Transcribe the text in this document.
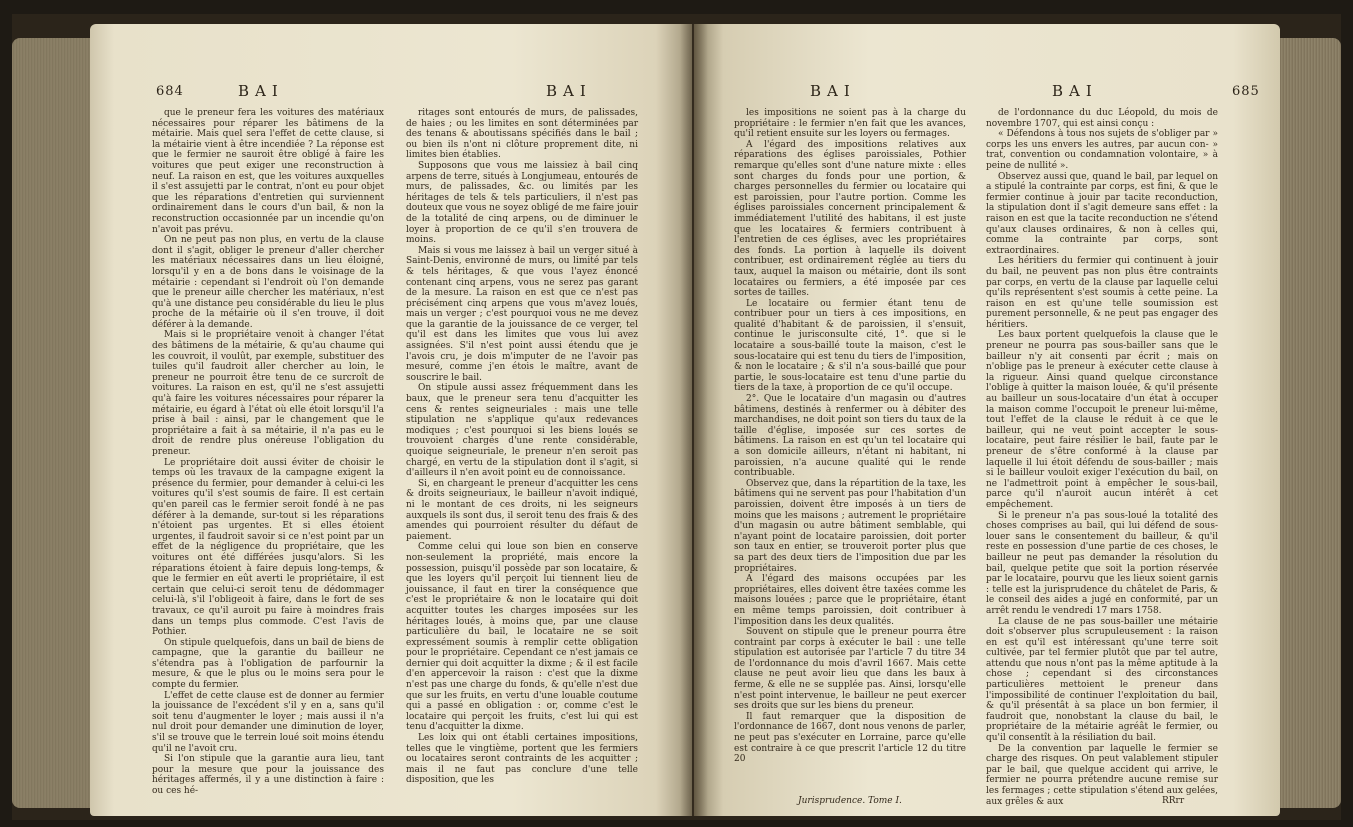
684	BAI	BAI

que le preneur fera les voitures des matériaux nécessaires pour réparer les bâtimens de la métairie. Mais quel sera l'effet de cette clause, si la métairie vient à être incendiée ? La réponse est que le fermier ne sauroit être obligé à faire les voitures que peut exiger une reconstruction à neuf. La raison en est, que les voitures auxquelles il s'est assujetti par le contrat, n'ont eu pour objet que les réparations d'entretien qui surviennent ordinairement dans le cours d'un bail, & non la reconstruction occasionnée par un incendie qu'on n'avoit pas prévu.

On ne peut pas non plus, en vertu de la clause dont il s'agit, obliger le preneur d'aller chercher les matériaux nécessaires dans un lieu éloigné, lorsqu'il y en a de bons dans le voisinage de la métairie : cependant si l'endroit où l'on demande que le preneur aille chercher les matériaux, n'est qu'à une distance peu considérable du lieu le plus proche de la métairie où il s'en trouve, il doit déférer à la demande.

Mais si le propriétaire venoit à changer l'état des bâtimens de la métairie, & qu'au chaume qui les couvroit, il voulût, par exemple, substituer des tuiles qu'il faudroit aller chercher au loin, le preneur ne pourroit être tenu de ce surcroît de voitures. La raison en est, qu'il ne s'est assujetti qu'à faire les voitures nécessaires pour réparer la métairie, eu égard à l'état où elle étoit lorsqu'il l'a prise à bail : ainsi, par le changement que le propriétaire a fait à sa métairie, il n'a pas eu le droit de rendre plus onéreuse l'obligation du preneur.

Le propriétaire doit aussi éviter de choisir le temps où les travaux de la campagne exigent la présence du fermier, pour demander à celui-ci les voitures qu'il s'est soumis de faire. Il est certain qu'en pareil cas le fermier seroit fondé à ne pas déférer à la demande, sur-tout si les réparations n'étoient pas urgentes. Et si elles étoient urgentes, il faudroit savoir si ce n'est point par un effet de la négligence du propriétaire, que les voitures ont été différées jusqu'alors. Si les réparations étoient à faire depuis long-temps, & que le fermier en eût averti le propriétaire, il est certain que celui-ci seroit tenu de dédommager celui-là, s'il l'obligeoit à faire, dans le fort de ses travaux, ce qu'il auroit pu faire à moindres frais dans un temps plus commode. C'est l'avis de Pothier.

On stipule quelquefois, dans un bail de biens de campagne, que la garantie du bailleur ne s'étendra pas à l'obligation de parfournir la mesure, & que le plus ou le moins sera pour le compte du fermier.

L'effet de cette clause est de donner au fermier la jouissance de l'excédent s'il y en a, sans qu'il soit tenu d'augmenter le loyer ; mais aussi il n'a nul droit pour demander une diminution de loyer, s'il se trouve que le terrein loué soit moins étendu qu'il ne l'avoit cru.

Si l'on stipule que la garantie aura lieu, tant pour la mesure que pour la jouissance des héritages affermés, il y a une distinction à faire : ou ces hé-

ritages sont entourés de murs, de palissades, de haies ; ou les limites en sont déterminées par des tenans & aboutissans spécifiés dans le bail ; ou bien ils n'ont ni clôture proprement dite, ni limites bien établies.

Supposons que vous me laissiez à bail cinq arpens de terre, situés à Longjumeau, entourés de murs, de palissades, &c. ou limités par les héritages de tels & tels particuliers, il n'est pas douteux que vous ne soyez obligé de me faire jouir de la totalité de cinq arpens, ou de diminuer le loyer à proportion de ce qu'il s'en trouvera de moins.

Mais si vous me laissez à bail un verger situé à Saint-Denis, environné de murs, ou limité par tels & tels héritages, & que vous l'ayez énoncé contenant cinq arpens, vous ne serez pas garant de la mesure. La raison en est que ce n'est pas précisément cinq arpens que vous m'avez loués, mais un verger ; c'est pourquoi vous ne me devez que la garantie de la jouissance de ce verger, tel qu'il est dans les limites que vous lui avez assignées. S'il n'est point aussi étendu que je l'avois cru, je dois m'imputer de ne l'avoir pas mesuré, comme j'en étois le maître, avant de souscrire le bail.

On stipule aussi assez fréquemment dans les baux, que le preneur sera tenu d'acquitter les cens & rentes seigneuriales : mais une telle stipulation ne s'applique qu'aux redevances modiques ; c'est pourquoi si les biens loués se trouvoient chargés d'une rente considérable, quoique seigneuriale, le preneur n'en seroit pas chargé, en vertu de la stipulation dont il s'agit, si d'ailleurs il n'en avoit point eu de connoissance.

Si, en chargeant le preneur d'acquitter les cens & droits seigneuriaux, le bailleur n'avoit indiqué, ni le montant de ces droits, ni les seigneurs auxquels ils sont dus, il seroit tenu des frais & des amendes qui pourroient résulter du défaut de paiement.

Comme celui qui loue son bien en conserve non-seulement la propriété, mais encore la possession, puisqu'il possède par son locataire, & que les loyers qu'il perçoit lui tiennent lieu de jouissance, il faut en tirer la conséquence que c'est le propriétaire & non le locataire qui doit acquitter toutes les charges imposées sur les héritages loués, à moins que, par une clause particulière du bail, le locataire ne se soit expressément soumis à remplir cette obligation pour le propriétaire. Cependant ce n'est jamais ce dernier qui doit acquitter la dixme ; & il est facile d'en appercevoir la raison : c'est que la dixme n'est pas une charge du fonds, & qu'elle n'est due que sur les fruits, en vertu d'une louable coutume qui a passé en obligation : or, comme c'est le locataire qui perçoit les fruits, c'est lui qui est tenu d'acquitter la dixme.

Les loix qui ont établi certaines impositions, telles que le vingtième, portent que les fermiers ou locataires seront contraints de les acquitter ; mais il ne faut pas conclure d'une telle disposition, que les

BAI	BAI	685

les impositions ne soient pas à la charge du propriétaire : le fermier n'en fait que les avances, qu'il retient ensuite sur les loyers ou fermages.

A l'égard des impositions relatives aux réparations des églises paroissiales, Pothier remarque qu'elles sont d'une nature mixte : elles sont charges du fonds pour une portion, & charges personnelles du fermier ou locataire qui est paroissien, pour l'autre portion. Comme les églises paroissiales concernent principalement & immédiatement l'utilité des habitans, il est juste que les locataires & fermiers contribuent à l'entretien de ces églises, avec les propriétaires des fonds. La portion à laquelle ils doivent contribuer, est ordinairement réglée au tiers du taux, auquel la maison ou métairie, dont ils sont locataires ou fermiers, a été imposée par ces sortes de tailles.

Le locataire ou fermier étant tenu de contribuer pour un tiers à ces impositions, en qualité d'habitant & de paroissien, il s'ensuit, continue le jurisconsulte cité, 1°. que si le locataire a sous-baillé toute la maison, c'est le sous-locataire qui est tenu du tiers de l'imposition, & non le locataire ; & s'il n'a sous-baillé que pour partie, le sous-locataire est tenu d'une partie du tiers de la taxe, à proportion de ce qu'il occupe.

2°. Que le locataire d'un magasin ou d'autres bâtimens, destinés à renfermer ou à débiter des marchandises, ne doit point son tiers du taux de la taille d'église, imposée sur ces sortes de bâtimens. La raison en est qu'un tel locataire qui a son domicile ailleurs, n'étant ni habitant, ni paroissien, n'a aucune qualité qui le rende contribuable.

Observez que, dans la répartition de la taxe, les bâtimens qui ne servent pas pour l'habitation d'un paroissien, doivent être imposés à un tiers de moins que les maisons ; autrement le propriétaire d'un magasin ou autre bâtiment semblable, qui n'ayant point de locataire paroissien, doit porter son taux en entier, se trouveroit porter plus que sa part des deux tiers de l'imposition due par les propriétaires.

A l'égard des maisons occupées par les propriétaires, elles doivent être taxées comme les maisons louées ; parce que le propriétaire, étant en même temps paroissien, doit contribuer à l'imposition dans les deux qualités.

Souvent on stipule que le preneur pourra être contraint par corps à exécuter le bail : une telle stipulation est autorisée par l'article 7 du titre 34 de l'ordonnance du mois d'avril 1667. Mais cette clause ne peut avoir lieu que dans les baux à ferme, & elle ne se supplée pas. Ainsi, lorsqu'elle n'est point intervenue, le bailleur ne peut exercer ses droits que sur les biens du preneur.

Il faut remarquer que la disposition de l'ordonnance de 1667, dont nous venons de parler, ne peut pas s'exécuter en Lorraine, parce qu'elle est contraire à ce que prescrit l'article 12 du titre 20

de l'ordonnance du duc Léopold, du mois de novembre 1707, qui est ainsi conçu :

« Défendons à tous nos sujets de s'obliger par » corps les uns envers les autres, par aucun con- » trat, convention ou condamnation volontaire, » à peine de nullité ».

Observez aussi que, quand le bail, par lequel on a stipulé la contrainte par corps, est fini, & que le fermier continue à jouir par tacite reconduction, la stipulation dont il s'agit demeure sans effet : la raison en est que la tacite reconduction ne s'étend qu'aux clauses ordinaires, & non à celles qui, comme la contrainte par corps, sont extraordinaires.

Les héritiers du fermier qui continuent à jouir du bail, ne peuvent pas non plus être contraints par corps, en vertu de la clause par laquelle celui qu'ils représentent s'est soumis à cette peine. La raison en est qu'une telle soumission est purement personnelle, & ne peut pas engager des héritiers.

Les baux portent quelquefois la clause que le preneur ne pourra pas sous-bailler sans que le bailleur n'y ait consenti par écrit ; mais on n'oblige pas le preneur à exécuter cette clause à la rigueur. Ainsi quand quelque circonstance l'oblige à quitter la maison louée, & qu'il présente au bailleur un sous-locataire d'un état à occuper la maison comme l'occupoit le preneur lui-même, tout l'effet de la clause le réduit à ce que le bailleur, qui ne veut point accepter le sous-locataire, peut faire résilier le bail, faute par le preneur de s'être conformé à la clause par laquelle il lui étoit défendu de sous-bailler ; mais si le bailleur vouloit exiger l'exécution du bail, on ne l'admettroit point à empêcher le sous-bail, parce qu'il n'auroit aucun intérêt à cet empêchement.

Si le preneur n'a pas sous-loué la totalité des choses comprises au bail, qui lui défend de sous-louer sans le consentement du bailleur, & qu'il reste en possession d'une partie de ces choses, le bailleur ne peut pas demander la résolution du bail, quelque petite que soit la portion réservée par le locataire, pourvu que les lieux soient garnis : telle est la jurisprudence du châtelet de Paris, & le conseil des aides a jugé en conformité, par un arrêt rendu le vendredi 17 mars 1758.

La clause de ne pas sous-bailler une métairie doit s'observer plus scrupuleusement : la raison en est qu'il est intéressant qu'une terre soit cultivée, par tel fermier plutôt que par tel autre, attendu que nous n'ont pas la même aptitude à la chose ; cependant si des circonstances particulières mettoient le preneur dans l'impossibilité de continuer l'exploitation du bail, & qu'il présentât à sa place un bon fermier, il faudroit que, nonobstant la clause du bail, le propriétaire de la métairie agréât le fermier, ou qu'il consentît à la résiliation du bail.

De la convention par laquelle le fermier se charge des risques. On peut valablement stipuler par le bail, que quelque accident qui arrive, le fermier ne pourra prétendre aucune remise sur les fermages ; cette stipulation s'étend aux gelées, aux grêles & aux

Jurisprudence. Tome I.	RRrr
